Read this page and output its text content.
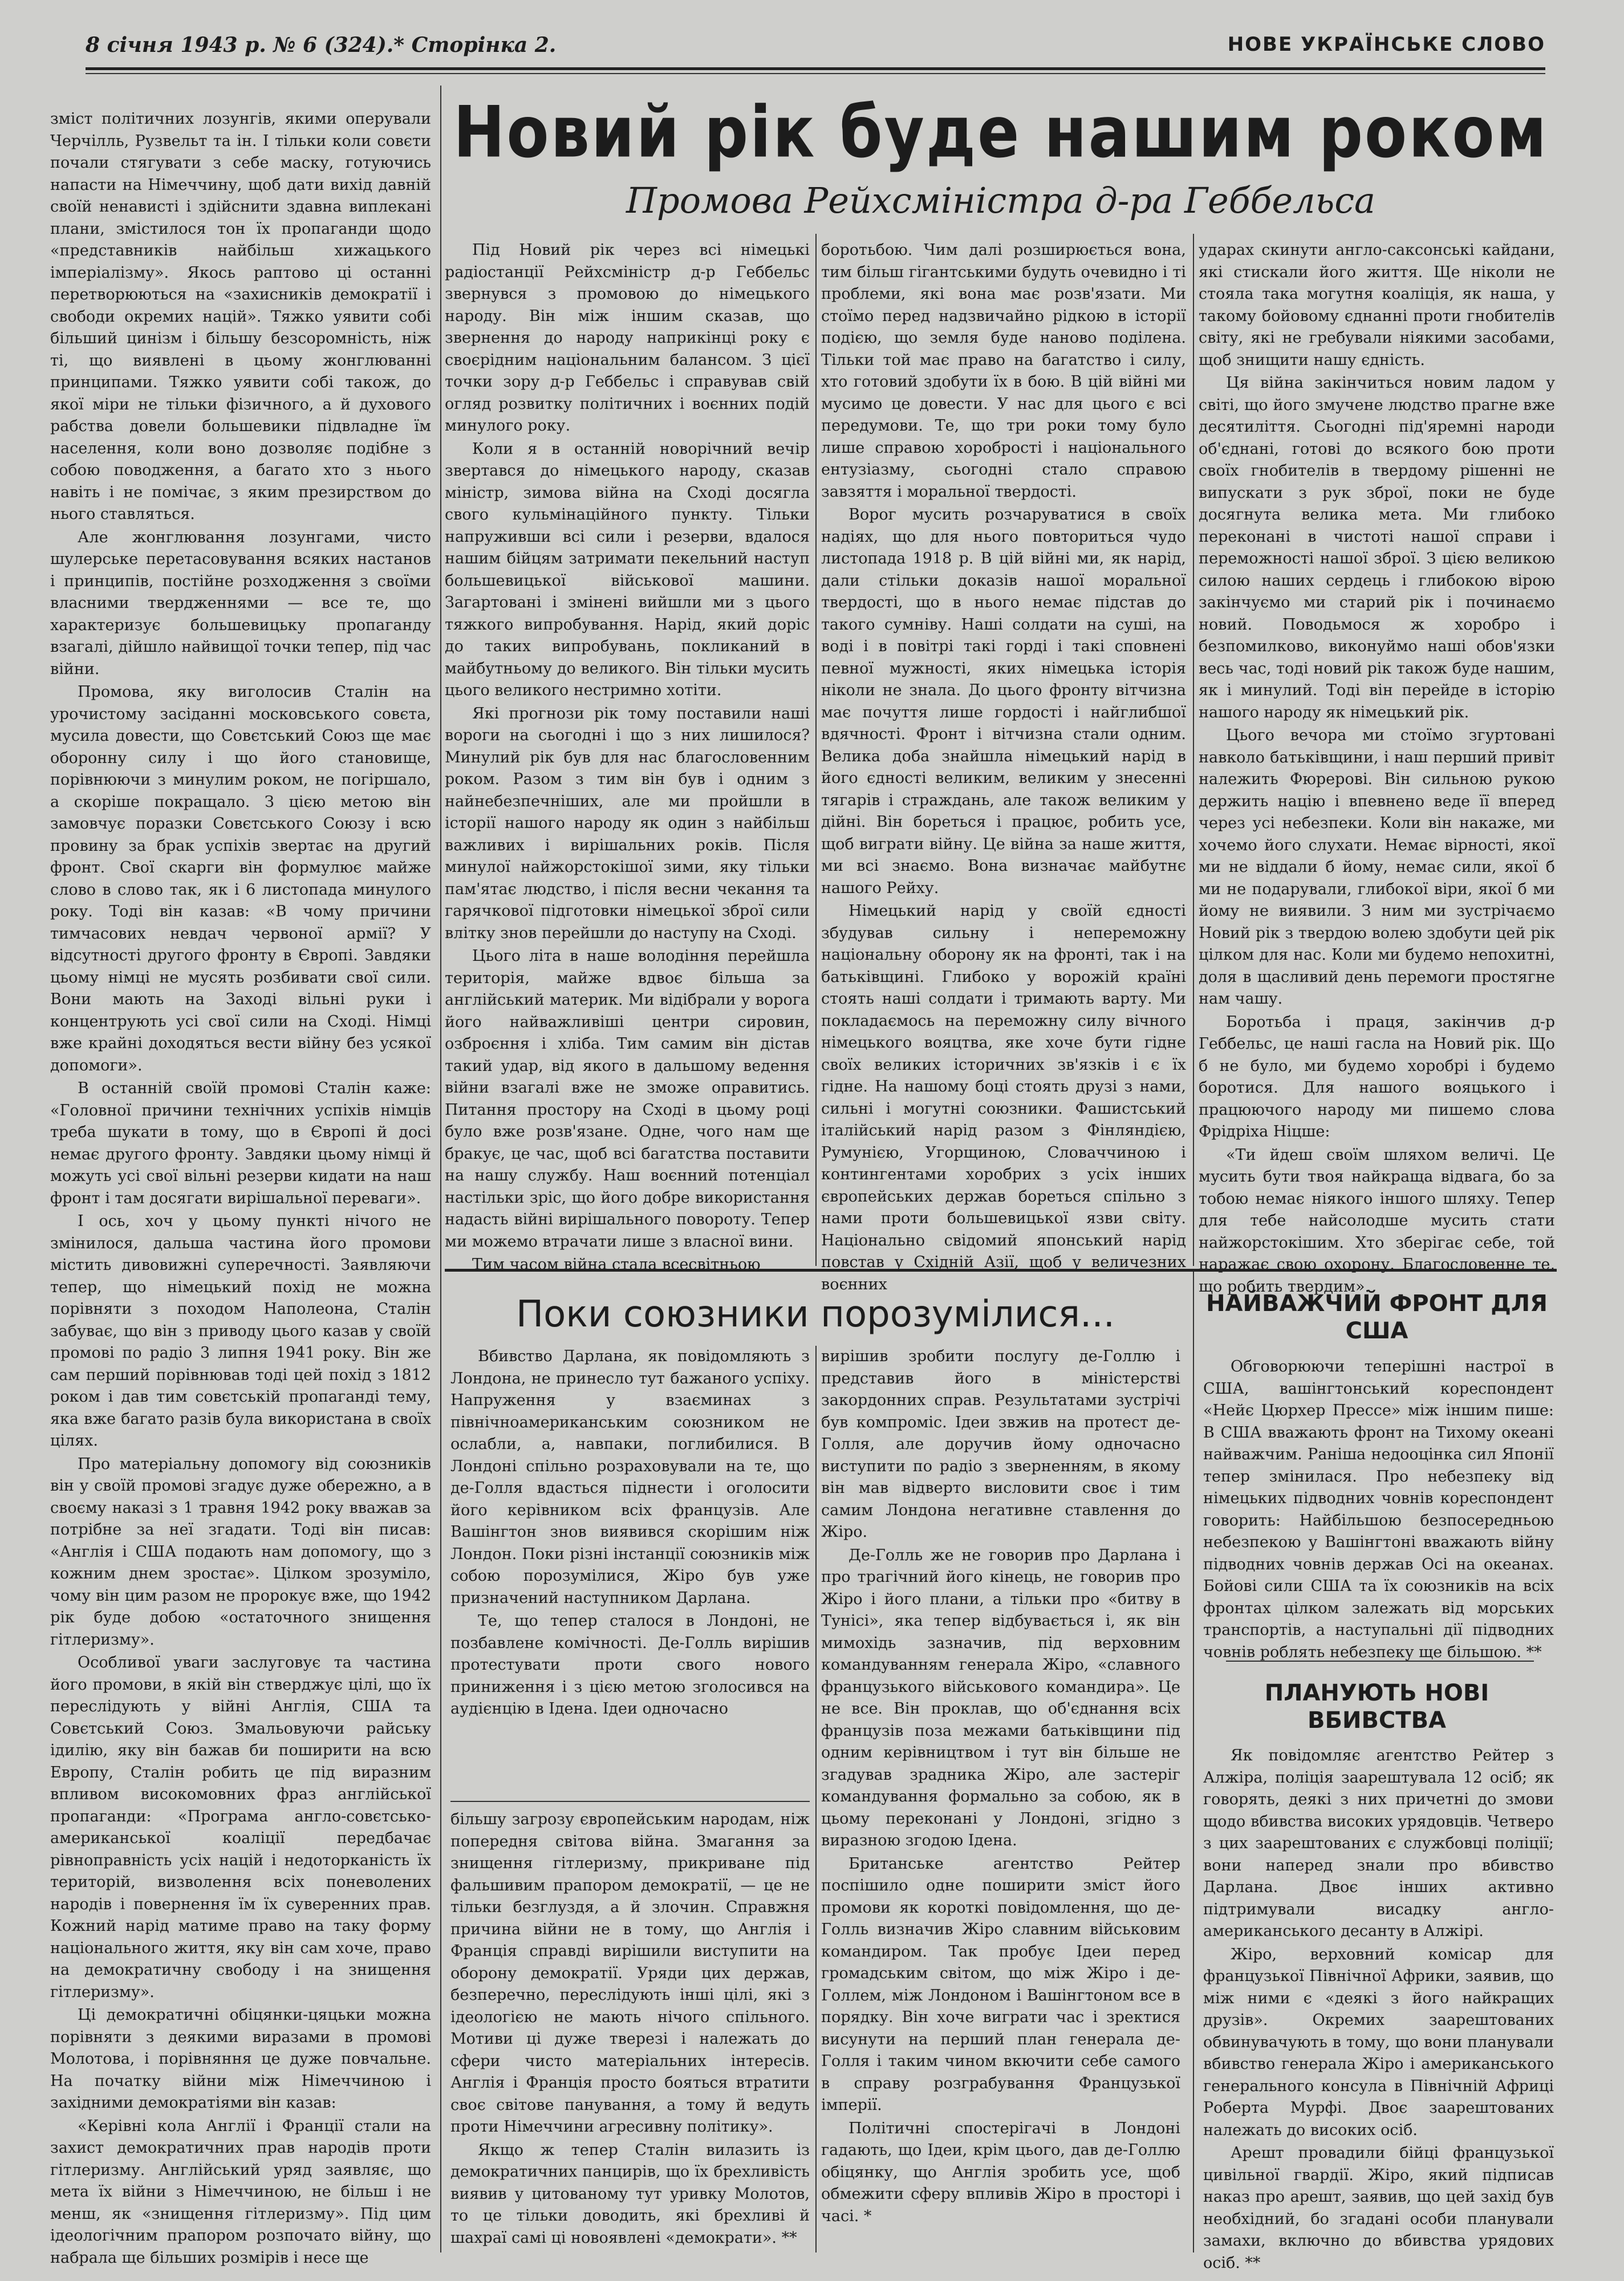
8 січня 1943 р. № 6 (324).* Сторінка 2.	НОВЕ УКРАЇНСЬКЕ СЛОВО

зміст політичних лозунгів, якими оперували Черчілль, Рузвельт та ін. І тільки коли совєти почали стягувати з себе маску, готуючись напасти на Німеччину, щоб дати вихід давній своїй ненависті і здійснити здавна виплекані плани, змістилося тон їх пропаганди щодо «представників найбільш хижацького імперіалізму». Якось раптово ці останні перетворюються на «захисників демократії і свободи окремих націй». Тяжко уявити собі більший цинізм і більшу безсоромність, ніж ті, що виявлені в цьому жонглюванні принципами. Тяжко уявити собі також, до якої міри не тільки фізичного, а й духового рабства довели большевики підвладне їм населення, коли воно дозволяє подібне з собою поводження, а багато хто з нього навіть і не помічає, з яким презирством до нього ставляться.

Але жонглювання лозунгами, чисто шулерське перетасовування всяких настанов і принципів, постійне розходження з своїми власними твердженнями — все те, що характеризує большевицьку пропаганду взагалі, дійшло найвищої точки тепер, під час війни.

Промова, яку виголосив Сталін на урочистому засіданні московського совєта, мусила довести, що Совєтський Союз ще має оборонну силу і що його становище, порівнюючи з минулим роком, не погіршало, а скоріше покращало. З цією метою він замовчує поразки Совєтського Союзу і всю провину за брак успіхів звертає на другий фронт. Свої скарги він формулює майже слово в слово так, як і 6 листопада минулого року. Тоді він казав: «В чому причини тимчасових невдач червоної армії? У відсутності другого фронту в Європі. Завдяки цьому німці не мусять розбивати свої сили. Вони мають на Заході вільні руки і концентрують усі свої сили на Сході. Німці вже крайні доходяться вести війну без усякої допомоги».

В останній своїй промові Сталін каже: «Головної причини технічних успіхів німців треба шукати в тому, що в Європі й досі немає другого фронту. Завдяки цьому німці й можуть усі свої вільні резерви кидати на наш фронт і там досягати вирішальної переваги».

І ось, хоч у цьому пункті нічого не змінилося, дальша частина його промови містить дивовижні суперечності. Заявляючи тепер, що німецький похід не можна порівняти з походом Наполеона, Сталін забуває, що він з приводу цього казав у своїй промові по радіо 3 липня 1941 року. Він же сам перший порівнював тоді цей похід з 1812 роком і дав тим совєтській пропаганді тему, яка вже багато разів була використана в своїх цілях.

Про матеріальну допомогу від союзників він у своїй промові згадує дуже обережно, а в своєму наказі з 1 травня 1942 року вважав за потрібне за неї згадати. Тоді він писав: «Англія і США подають нам допомогу, що з кожним днем зростає». Цілком зрозуміло, чому він цим разом не пророкує вже, що 1942 рік буде добою «остаточного знищення гітлеризму».

Особливої уваги заслуговує та частина його промови, в якій він стверджує цілі, що їх переслідують у війні Англія, США та Совєтський Союз. Змальовуючи райську ідилію, яку він бажав би поширити на всю Европу, Сталін робить це під виразним впливом високомовних фраз англійської пропаганди: «Програма англо-совєтсько-американської коаліції передбачає рівноправність усіх націй і недоторканість їх територій, визволення всіх поневолених народів і повернення їм їх суверенних прав. Кожний нарід матиме право на таку форму національного життя, яку він сам хоче, право на демократичну свободу і на знищення гітлеризму».

Ці демократичні обіцянки-цяцьки можна порівняти з деякими виразами в промові Молотова, і порівняння це дуже повчальне. На початку війни між Німеччиною і західними демократіями він казав:

«Керівні кола Англії і Франції стали на захист демократичних прав народів проти гітлеризму. Англійський уряд заявляє, що мета їх війни з Німеччиною, не більш і не менш, як «знищення гітлеризму». Під цим ідеологічним прапором розпочато війну, що набрала ще більших розмірів і несе ще

Новий рік буде нашим роком
Промова Рейхсміністра д-ра Геббельса

Під Новий рік через всі німецькі радіостанції Рейхсміністр д-р Геббельс звернувся з промовою до німецького народу. Він між іншим сказав, що звернення до народу наприкінці року є своєрідним національним балансом. З цієї точки зору д-р Геббельс і справував свій огляд розвитку політичних і воєнних подій минулого року.

Коли я в останній новорічний вечір звертався до німецького народу, сказав міністр, зимова війна на Сході досягла свого кульмінаційного пункту. Тільки напруживши всі сили і резерви, вдалося нашим бійцям затримати пекельний наступ большевицької військової машини. Загартовані і змінені вийшли ми з цього тяжкого випробування. Нарід, який доріс до таких випробувань, покликаний в майбутньому до великого. Він тільки мусить цього великого нестримно хотіти.

Які прогнози рік тому поставили наші вороги на сьогодні і що з них лишилося? Минулий рік був для нас благословенним роком. Разом з тим він був і одним з найнебезпечніших, але ми пройшли в історії нашого народу як один з найбільш важливих і вирішальних років. Після минулої найжорстокішої зими, яку тільки пам'ятає людство, і після весни чекання та гарячкової підготовки німецької зброї сили влітку знов перейшли до наступу на Сході.

Цього літа в наше володіння перейшла територія, майже вдвоє більша за англійський материк. Ми відібрали у ворога його найважливіші центри сировин, озброєння і хліба. Тим самим він дістав такий удар, від якого в дальшому ведення війни взагалі вже не зможе оправитись. Питання простору на Сході в цьому році було вже розв'язане. Одне, чого нам ще бракує, це час, щоб всі багатства поставити на нашу службу. Наш воєнний потенціал настільки зріс, що його добре використання надасть війні вирішального повороту. Тепер ми можемо втрачати лише з власної вини.

Тим часом війна стала всесвітньою

боротьбою. Чим далі розширюється вона, тим більш гігантськими будуть очевидно і ті проблеми, які вона має розв'язати. Ми стоїмо перед надзвичайно рідкою в історії подією, що земля буде наново поділена. Тільки той має право на багатство і силу, хто готовий здобути їх в бою. В цій війні ми мусимо це довести. У нас для цього є всі передумови. Те, що три роки тому було лише справою хоробрості і національного ентузіазму, сьогодні стало справою завзяття і моральної твердості.

Ворог мусить розчаруватися в своїх надіях, що для нього повториться чудо листопада 1918 р. В цій війні ми, як нарід, дали стільки доказів нашої моральної твердості, що в нього немає підстав до такого сумніву. Наші солдати на суші, на воді і в повітрі такі горді і такі сповнені певної мужності, яких німецька історія ніколи не знала. До цього фронту вітчизна має почуття лише гордості і найглибшої вдячності. Фронт і вітчизна стали одним. Велика доба знайшла німецький нарід в його єдності великим, великим у знесенні тягарів і страждань, але також великим у дійні. Він бореться і працює, робить усе, щоб виграти війну. Це війна за наше життя, ми всі знаємо. Вона визначає майбутнє нашого Рейху.

Німецький нарід у своїй єдності збудував сильну і непереможну національну оборону як на фронті, так і на батьківщині. Глибоко у ворожій країні стоять наші солдати і тримають варту. Ми покладаємось на переможну силу вічного німецького вояцтва, яке хоче бути гідне своїх великих історичних зв'язків і є їх гідне. На нашому боці стоять друзі з нами, сильні і могутні союзники. Фашистський італійський нарід разом з Фінляндією, Румунією, Угорщиною, Словаччиною і контингентами хоробрих з усіх інших європейських держав бореться спільно з нами проти большевицької язви світу. Національно свідомий японський нарід повстав у Східній Азії, щоб у величезних воєнних

ударах скинути англо-саксонські кайдани, які стискали його життя. Ще ніколи не стояла така могутня коаліція, як наша, у такому бойовому єднанні проти гнобителів світу, які не гребували ніякими засобами, щоб знищити нашу єдність.

Ця війна закінчиться новим ладом у світі, що його змучене людство прагне вже десятиліття. Сьогодні під'яремні народи об'єднані, готові до всякого бою проти своїх гнобителів в твердому рішенні не випускати з рук зброї, поки не буде досягнута велика мета. Ми глибоко переконані в чистоті нашої справи і переможності нашої зброї. З цією великою силою наших сердець і глибокою вірою закінчуємо ми старий рік і починаємо новий. Поводьмося ж хоробро і безпомилково, виконуймо наші обов'язки весь час, тоді новий рік також буде нашим, як і минулий. Тоді він перейде в історію нашого народу як німецький рік.

Цього вечора ми стоїмо згуртовані навколо батьківщини, і наш перший привіт належить Фюрерові. Він сильною рукою держить націю і впевнено веде її вперед через усі небезпеки. Коли він накаже, ми хочемо його слухати. Немає вірності, якої ми не віддали б йому, немає сили, якої б ми не подарували, глибокої віри, якої б ми йому не виявили. З ним ми зустрічаємо Новий рік з твердою волею здобути цей рік цілком для нас. Коли ми будемо непохитні, доля в щасливий день перемоги простягне нам чашу.

Боротьба і праця, закінчив д-р Геббельс, це наші гасла на Новий рік. Що б не було, ми будемо хоробрі і будемо боротися. Для нашого вояцького і працюючого народу ми пишемо слова Фрідріха Ніцше:

«Ти йдеш своїм шляхом величі. Це мусить бути твоя найкраща відвага, бо за тобою немає ніякого іншого шляху. Тепер для тебе найсолодше мусить стати найжорстокішим. Хто зберігає себе, той наражає свою охорону. Благословенне те, що робить твердим».

Поки союзники порозумілися...

Вбивство Дарлана, як повідомляють з Лондона, не принесло тут бажаного успіху. Напруження у взаєминах з північноамериканським союзником не ослабли, а, навпаки, поглибилися. В Лондоні спільно розраховували на те, що де-Голля вдасться піднести і оголосити його керівником всіх французів. Але Вашінгтон знов виявився скорішим ніж Лондон. Поки різні інстанції союзників між собою порозумілися, Жіро був уже призначений наступником Дарлана.

Те, що тепер сталося в Лондоні, не позбавлене комічності. Де-Голль вирішив протестувати проти свого нового приниження і з цією метою зголосився на аудієнцію в Ідена. Ідеи одночасно

більшу загрозу європейським народам, ніж попередня світова війна. Змагання за знищення гітлеризму, прикриване під фальшивим прапором демократії, — це не тільки безглуздя, а й злочин. Справжня причина війни не в тому, що Англія і Франція справді вирішили виступити на оборону демократії. Уряди цих держав, безперечно, переслідують інші цілі, які з ідеологією не мають нічого спільного. Мотиви ці дуже тверезі і належать до сфери чисто матеріальних інтересів. Англія і Франція просто бояться втратити своє світове панування, а тому й ведуть проти Німеччини агресивну політику».

Якщо ж тепер Сталін вилазить із демократичних панцирів, що їх брехливість виявив у цитованому тут уривку Молотов, то це тільки доводить, які брехливі й шахраї самі ці новоявлені «демократи». **

вирішив зробити послугу де-Голлю і представив його в міністерстві закордонних справ. Результатами зустрічі був компроміс. Ідеи звжив на протест де-Голля, але доручив йому одночасно виступити по радіо з зверненням, в якому він мав відверто висловити своє і тим самим Лондона негативне ставлення до Жіро.

Де-Голль же не говорив про Дарлана і про трагічний його кінець, не говорив про Жіро і його плани, а тільки про «битву в Тунісі», яка тепер відбувається і, як він мимохідь зазначив, під верховним командуванням генерала Жіро, «славного французького військового командира». Це не все. Він проклав, що об'єднання всіх французів поза межами батьківщини під одним керівництвом і тут він більше не згадував зрадника Жіро, але застеріг командування формально за собою, як в цьому переконані у Лондоні, згідно з виразною згодою Ідена.

Британське агентство Рейтер поспішило одне поширити зміст його промови як короткі повідомлення, що де-Голль визначив Жіро славним військовим командиром. Так пробує Ідеи перед громадським світом, що між Жіро і де-Голлем, між Лондоном і Вашінгтоном все в порядку. Він хоче виграти час і зректися висунути на перший план генерала де-Голля і таким чином вкючити себе самого в справу розграбування Французької імперії.

Політичні спостерігачі в Лондоні гадають, що Ідеи, крім цього, дав де-Голлю обіцянку, що Англія зробить усе, щоб обмежити сферу впливів Жіро в просторі і часі. *

НАЙВАЖЧИЙ ФРОНТ ДЛЯ США

Обговорюючи теперішні настрої в США, вашінгтонський кореспондент «Нейє Цюрхер Прессе» між іншим пише: В США вважають фронт на Тихому океані найважчим. Раніша недооцінка сил Японії тепер змінилася. Про небезпеку від німецьких підводних човнів кореспондент говорить: Найбільшою безпосередньою небезпекою у Вашінгтоні вважають війну підводних човнів держав Осі на океанах. Бойові сили США та їх союзників на всіх фронтах цілком залежать від морських транспортів, а наступальні дії підводних човнів роблять небезпеку ще більшою. **

ПЛАНУЮТЬ НОВІ ВБИВСТВА

Як повідомляє агентство Рейтер з Алжіра, поліція заарештувала 12 осіб; як говорять, деякі з них причетні до змови щодо вбивства високих урядовців. Четверо з цих заарештованих є службовці поліції; вони наперед знали про вбивство Дарлана. Двоє інших активно підтримували висадку англо-американського десанту в Алжірі.

Жіро, верховний комісар для французької Північної Африки, заявив, що між ними є «деякі з його найкращих друзів». Окремих заарештованих обвинувачують в тому, що вони планували вбивство генерала Жіро і американського генерального консула в Північній Африці Роберта Мурфі. Двоє заарештованих належать до високих осіб.

Арешт провадили бійці французької цивільної гвардії. Жіро, який підписав наказ про арешт, заявив, що цей захід був необхідний, бо згадані особи планували замахи, включно до вбивства урядових осіб. **
